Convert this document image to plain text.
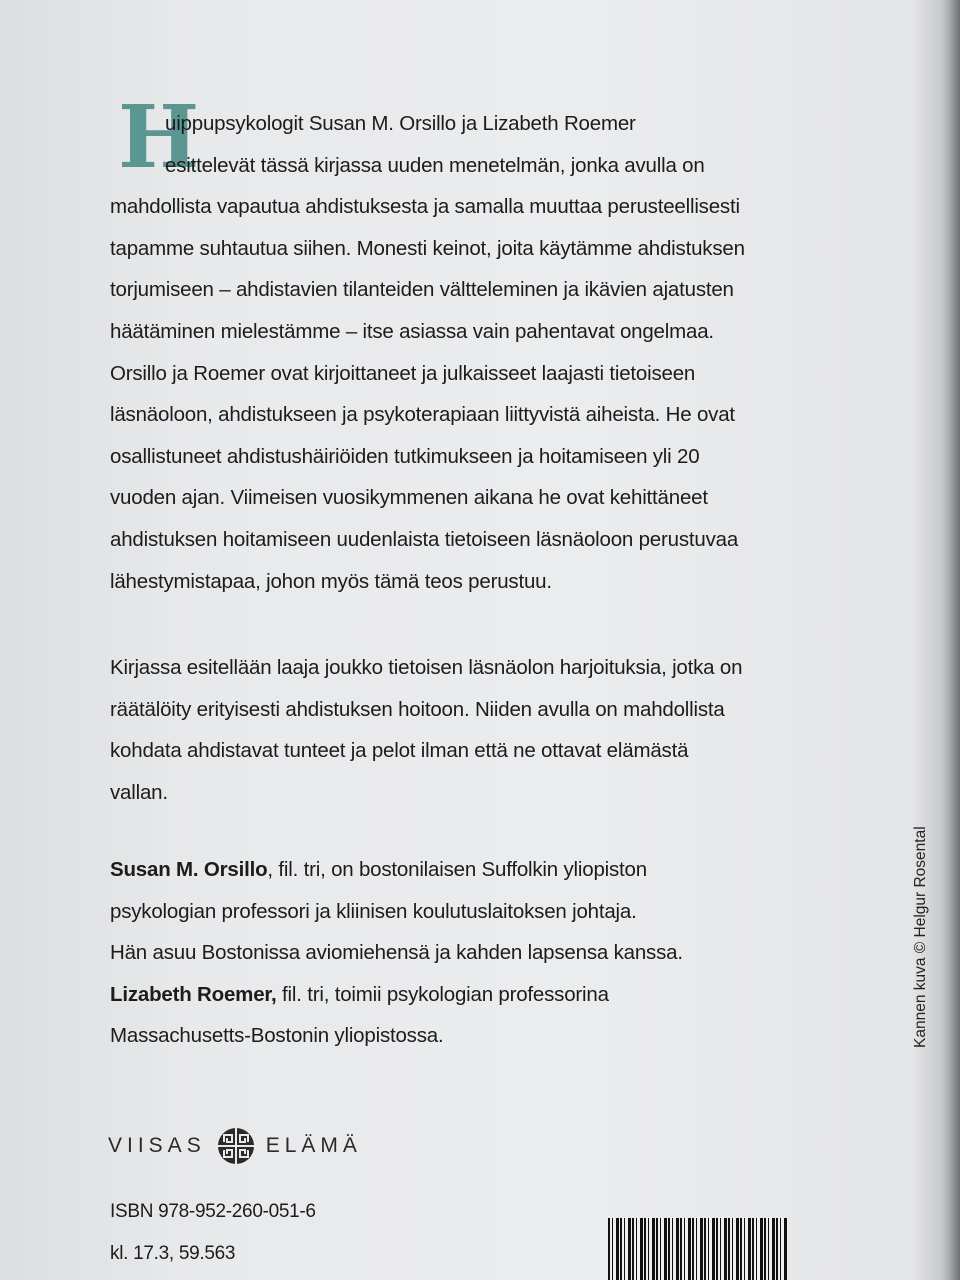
H
uippupsykologit Susan M. Orsillo ja Lizabeth Roemer
esittelevät tässä kirjassa uuden menetelmän, jonka avulla on
mahdollista vapautua ahdistuksesta ja samalla muuttaa perusteellisesti
tapamme suhtautua siihen. Monesti keinot, joita käytämme ahdistuksen
torjumiseen – ahdistavien tilanteiden vältteleminen ja ikävien ajatusten
häätäminen mielestämme – itse asiassa vain pahentavat ongelmaa.
Orsillo ja Roemer ovat kirjoittaneet ja julkaisseet laajasti tietoiseen
läsnäoloon, ahdistukseen ja psykoterapiaan liittyvistä aiheista. He ovat
osallistuneet ahdistushäiriöiden tutkimukseen ja hoitamiseen yli 20
vuoden ajan. Viimeisen vuosikymmenen aikana he ovat kehittäneet
ahdistuksen hoitamiseen uudenlaista tietoiseen läsnäoloon perustuvaa
lähestymistapaa, johon myös tämä teos perustuu.
Kirjassa esitellään laaja joukko tietoisen läsnäolon harjoituksia, jotka on
räätälöity erityisesti ahdistuksen hoitoon. Niiden avulla on mahdollista
kohdata ahdistavat tunteet ja pelot ilman että ne ottavat elämästä
vallan.
Susan M. Orsillo, fil. tri, on bostonilaisen Suffolkin yliopiston
psykologian professori ja kliinisen koulutuslaitoksen johtaja.
Hän asuu Bostonissa aviomiehensä ja kahden lapsensa kanssa.
Lizabeth Roemer, fil. tri, toimii psykologian professorina
Massachusetts-Bostonin yliopistossa.	Kannen kuva © Helgur Rosental
VIISAS	ELÄMÄ
ISBN 978-952-260-051-6
kl. 17.3, 59.563
